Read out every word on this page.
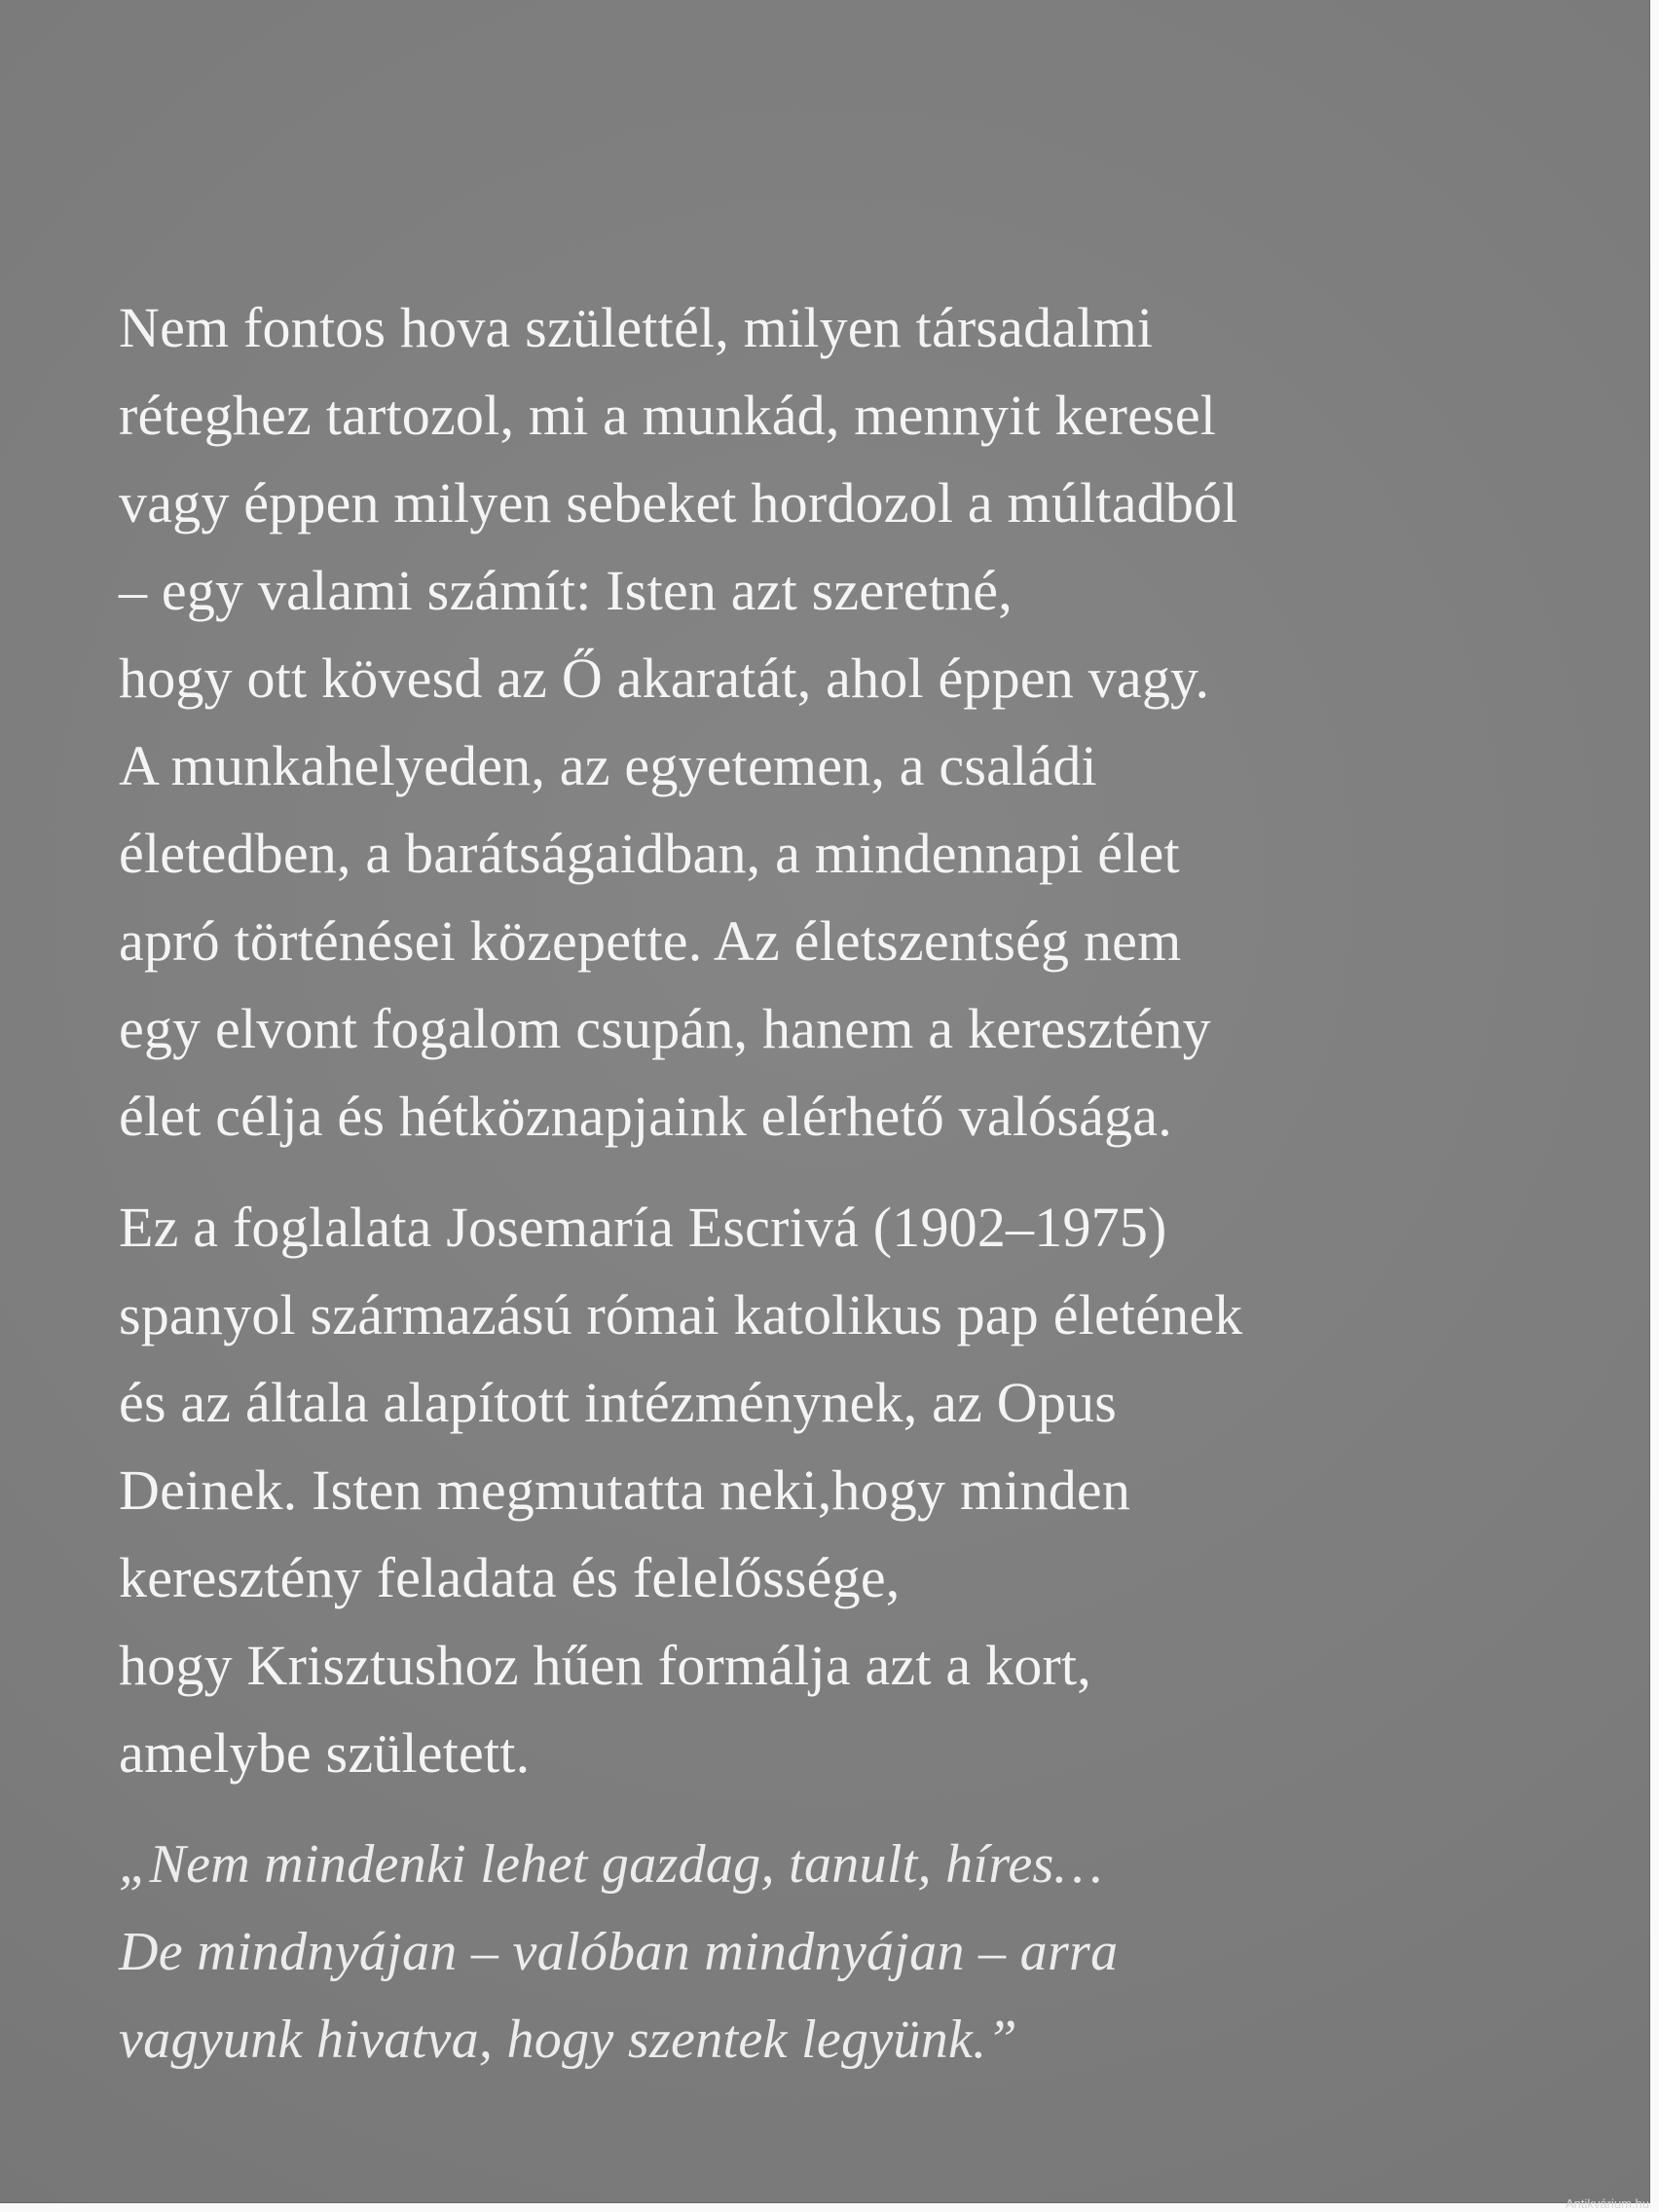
Nem fontos hova születtél, milyen társadalmi
réteghez tartozol, mi a munkád, mennyit keresel
vagy éppen milyen sebeket hordozol a múltadból
– egy valami számít: Isten azt szeretné,
hogy ott kövesd az Ő akaratát, ahol éppen vagy.
A munkahelyeden, az egyetemen, a családi
életedben, a barátságaidban, a mindennapi élet
apró történései közepette. Az életszentség nem
egy elvont fogalom csupán, hanem a keresztény
élet célja és hétköznapjaink elérhető valósága.

Ez a foglalata Josemaría Escrivá (1902–1975)
spanyol származású római katolikus pap életének
és az általa alapított intézménynek, az Opus
Deinek. Isten megmutatta neki,hogy minden
keresztény feladata és felelőssége,
hogy Krisztushoz hűen formálja azt a kort,
amelybe született.

„Nem mindenki lehet gazdag, tanult, híres…
De mindnyájan – valóban mindnyájan – arra
vagyunk hivatva, hogy szentek legyünk.”

Antikvárium.hu
